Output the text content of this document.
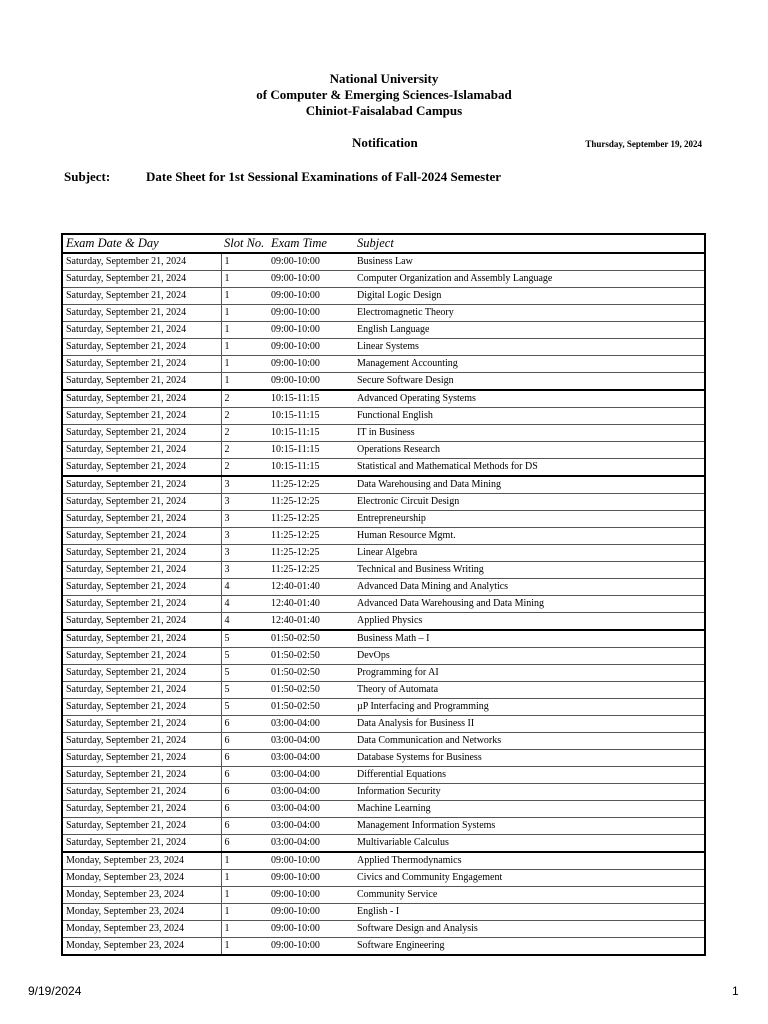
National University
of Computer & Emerging Sciences-Islamabad
Chiniot-Faisalabad Campus
Notification	Thursday, September 19, 2024
Subject:	Date Sheet for 1st Sessional Examinations of Fall-2024 Semester
Exam Date & Day	Slot No.	Exam Time	Subject
Saturday, September 21, 2024	1	09:00-10:00	Business Law
Saturday, September 21, 2024	1	09:00-10:00	Computer Organization and Assembly Language
Saturday, September 21, 2024	1	09:00-10:00	Digital Logic Design
Saturday, September 21, 2024	1	09:00-10:00	Electromagnetic Theory
Saturday, September 21, 2024	1	09:00-10:00	English Language
Saturday, September 21, 2024	1	09:00-10:00	Linear Systems
Saturday, September 21, 2024	1	09:00-10:00	Management Accounting
Saturday, September 21, 2024	1	09:00-10:00	Secure Software Design
Saturday, September 21, 2024	2	10:15-11:15	Advanced Operating Systems
Saturday, September 21, 2024	2	10:15-11:15	Functional English
Saturday, September 21, 2024	2	10:15-11:15	IT in Business
Saturday, September 21, 2024	2	10:15-11:15	Operations Research
Saturday, September 21, 2024	2	10:15-11:15	Statistical and Mathematical Methods for DS
Saturday, September 21, 2024	3	11:25-12:25	Data Warehousing and Data Mining
Saturday, September 21, 2024	3	11:25-12:25	Electronic Circuit Design
Saturday, September 21, 2024	3	11:25-12:25	Entrepreneurship
Saturday, September 21, 2024	3	11:25-12:25	Human Resource Mgmt.
Saturday, September 21, 2024	3	11:25-12:25	Linear Algebra
Saturday, September 21, 2024	3	11:25-12:25	Technical and Business Writing
Saturday, September 21, 2024	4	12:40-01:40	Advanced Data Mining and Analytics
Saturday, September 21, 2024	4	12:40-01:40	Advanced Data Warehousing and Data Mining
Saturday, September 21, 2024	4	12:40-01:40	Applied Physics
Saturday, September 21, 2024	5	01:50-02:50	Business Math – I
Saturday, September 21, 2024	5	01:50-02:50	DevOps
Saturday, September 21, 2024	5	01:50-02:50	Programming for AI
Saturday, September 21, 2024	5	01:50-02:50	Theory of Automata
Saturday, September 21, 2024	5	01:50-02:50	µP Interfacing and Programming
Saturday, September 21, 2024	6	03:00-04:00	Data Analysis for Business II
Saturday, September 21, 2024	6	03:00-04:00	Data Communication and Networks
Saturday, September 21, 2024	6	03:00-04:00	Database Systems for Business
Saturday, September 21, 2024	6	03:00-04:00	Differential Equations
Saturday, September 21, 2024	6	03:00-04:00	Information Security
Saturday, September 21, 2024	6	03:00-04:00	Machine Learning
Saturday, September 21, 2024	6	03:00-04:00	Management Information Systems
Saturday, September 21, 2024	6	03:00-04:00	Multivariable Calculus
Monday, September 23, 2024	1	09:00-10:00	Applied Thermodynamics
Monday, September 23, 2024	1	09:00-10:00	Civics and Community Engagement
Monday, September 23, 2024	1	09:00-10:00	Community Service
Monday, September 23, 2024	1	09:00-10:00	English - I
Monday, September 23, 2024	1	09:00-10:00	Software Design and Analysis
Monday, September 23, 2024	1	09:00-10:00	Software Engineering
9/19/2024	1
